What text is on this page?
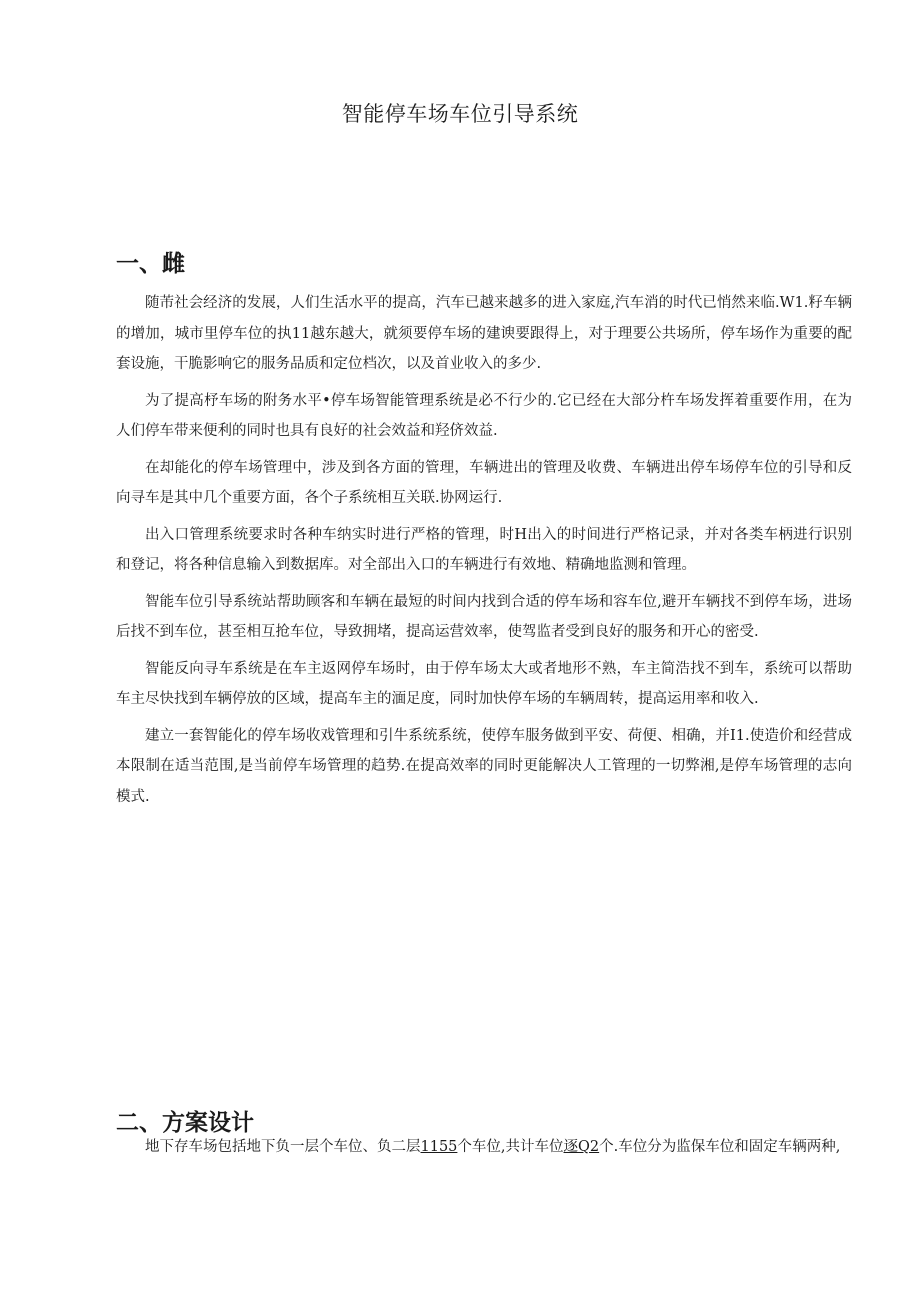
智能停车场车位引导系统
一、雌

随芾社会经济的发展，人们生活水平的提高，汽车已越来越多的进入家庭,汽车消的时代已悄然来临.W1.籽车辆的增加，城市里停车位的执11越东越大，就须要停车场的建谀要跟得上，对于理要公共场所，停车场作为重要的配套设施，干脆影响它的服务品质和定位档次，以及首业收入的多少.

为了提高杼车场的附务水平•停车场智能管理系统是必不行少的.它已经在大部分杵车场发挥着重要作用，在为人们停车带来便利的同时也具有良好的社会效益和羟侪效益.

在却能化的停车场管理中，涉及到各方面的管理，车辆进出的管理及收费、车辆进出停车场停车位的引导和反向寻车是其中几个重要方面，各个子系统相互关联.协网运行.

出入口管理系统要求时各种车纳实时进行严格的管理，时H出入的时间进行严格记录，并对各类车柄进行识别和登记，将各种信息输入到数据库。对全部出入口的车辆进行有效地、精确地监测和管理。

智能车位引导系统站帮助顾客和车辆在最短的时间内找到合适的停车场和容车位,避开车辆找不到停车场，进场后找不到车位，甚至相互抢车位，导致拥堵，提高运营效率，使驾监者受到良好的服务和开心的密受.

智能反向寻车系统是在车主返网停车场时，由于停车场太大或者地形不熟，车主简浩找不到车，系统可以帮助车主尽快找到车辆停放的区域，提高车主的湎足度，同时加快停车场的车辆周转，提高运用率和收入.

建立一套智能化的停车场收戏管理和引牛系统系统，使停车服务做到平安、荷便、相确，并I1.使造价和经营成本限制在适当范围,是当前停车场管理的趋势.在提高效率的同时更能解决人工管理的一切弊湘,是停车场管理的志向模式.

二、方案设计

地下存车场包括地下负一层个车位、负二层1155个车位,共计车位逐Q2个.车位分为监保车位和固定车辆两种,
